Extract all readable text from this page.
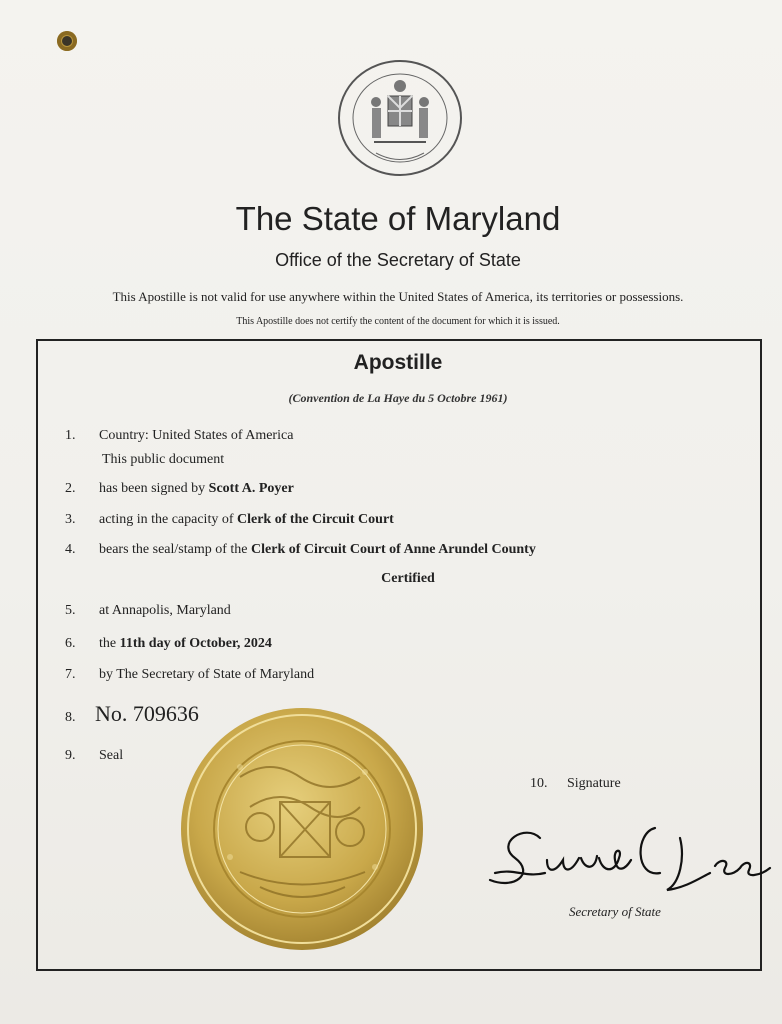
The State of Maryland
Office of the Secretary of State
This Apostille is not valid for use anywhere within the United States of America, its territories or possessions.
This Apostille does not certify the content of the document for which it is issued.
Apostille
(Convention de La Haye du 5 Octobre 1961)
1. Country: United States of America
This public document
2. has been signed by Scott A. Poyer
3. acting in the capacity of Clerk of the Circuit Court
4. bears the seal/stamp of the Clerk of Circuit Court of Anne Arundel County
Certified
5. at Annapolis, Maryland
6. the 11th day of October, 2024
7. by The Secretary of State of Maryland
8. No. 709636
9. Seal
10. Signature
Secretary of State
